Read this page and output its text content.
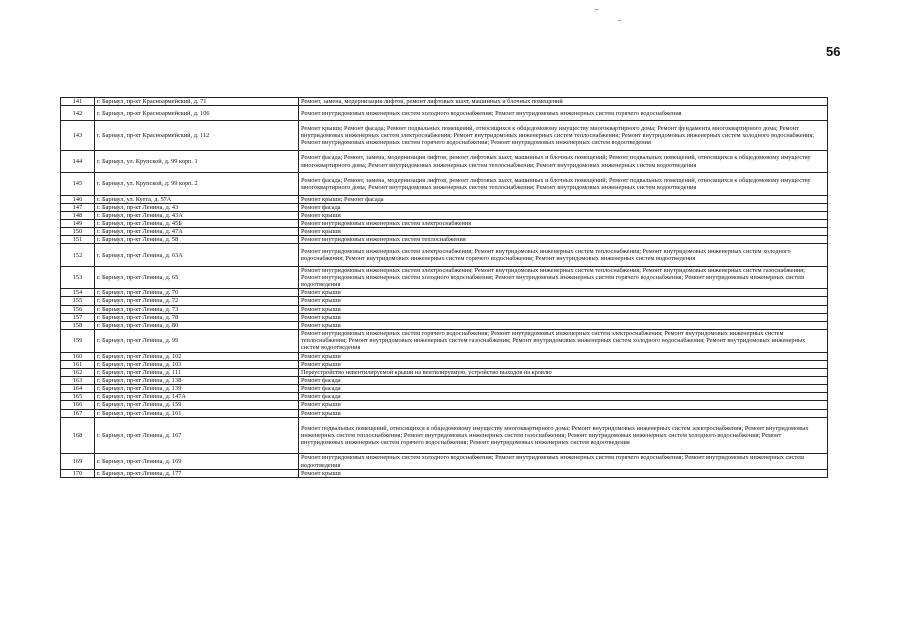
56
141	г. Барнаул, пр-кт Красноармейский, д. 71	Ремонт, замена, модернизация лифтов, ремонт лифтовых шахт, машинных и блочных помещений
142	г. Барнаул, пр-кт Красноармейский, д. 106	Ремонт внутридомовых инженерных систем холодного водоснабжения; Ремонт внутридомовых инженерных систем горячего водоснабжения
143	г. Барнаул, пр-кт Красноармейский, д. 112	Ремонт крыши; Ремонт фасада; Ремонт подвальных помещений, относящихся к общедомовому имуществу многоквартирного дома; Ремонт фундамента многоквартирного дома; Ремонт внутридомовых инженерных систем электроснабжения; Ремонт внутридомовых инженерных систем теплоснабжения; Ремонт внутридомовых инженерных систем холодного водоснабжения; Ремонт внутридомовых инженерных систем горячего водоснабжения; Ремонт внутридомовых инженерных систем водоотведения
144	г. Барнаул, ул. Крупской, д. 99 корп. 1	Ремонт фасада; Ремонт, замена, модернизация лифтов, ремонт лифтовых шахт, машинных и блочных помещений; Ремонт подвальных помещений, относящихся к общедомовому имуществу многоквартирного дома; Ремонт внутридомовых инженерных систем теплоснабжения; Ремонт внутридомовых инженерных систем водоотведения
145	г. Барнаул, ул. Крупской, д. 99 корп. 2	Ремонт фасада; Ремонт, замена, модернизация лифтов, ремонт лифтовых шахт, машинных и блочных помещений; Ремонт подвальных помещений, относящихся к общедомовому имуществу многоквартирного дома; Ремонт внутридомовых инженерных систем теплоснабжения; Ремонт внутридомовых инженерных систем водоотведения
146	г. Барнаул, ул. Куета, д. 57А	Ремонт крыши; Ремонт фасада
147	г. Барнаул, пр-кт Ленина, д. 43	Ремонт фасада
148	г. Барнаул, пр-кт Ленина, д. 43А	Ремонт крыши
149	г. Барнаул, пр-кт Ленина, д. 45Б	Ремонт внутридомовых инженерных систем электроснабжения
150	г. Барнаул, пр-кт Ленина, д. 47А	Ремонт крыши
151	г. Барнаул, пр-кт Ленина, д. 58	Ремонт внутридомовых инженерных систем теплоснабжения
152	г. Барнаул, пр-кт Ленина, д. 63А	Ремонт внутридомовых инженерных систем электроснабжения; Ремонт внутридомовых инженерных систем теплоснабжения; Ремонт внутридомовых инженерных систем холодного водоснабжения; Ремонт внутридомовых инженерных систем горячего водоснабжения; Ремонт внутридомовых инженерных систем водоотведения
153	г. Барнаул, пр-кт Ленина, д. 65	Ремонт внутридомовых инженерных систем электроснабжения; Ремонт внутридомовых инженерных систем теплоснабжения; Ремонт внутридомовых инженерных систем газоснабжения; Ремонт внутридомовых инженерных систем холодного водоснабжения; Ремонт внутридомовых инженерных систем горячего водоснабжения; Ремонт внутридомовых инженерных систем водоотведения
154	г. Барнаул, пр-кт Ленина, д. 70	Ремонт крыши
155	г. Барнаул, пр-кт Ленина, д. 72	Ремонт крыши
156	г. Барнаул, пр-кт Ленина, д. 73	Ремонт крыши
157	г. Барнаул, пр-кт Ленина, д. 78	Ремонт крыши
158	г. Барнаул, пр-кт Ленина, д. 80	Ремонт крыши
159	г. Барнаул, пр-кт Ленина, д. 99	Ремонт внутридомовых инженерных систем горячего водоснабжения; Ремонт внутридомовых инженерных систем электроснабжения; Ремонт внутридомовых инженерных систем теплоснабжения; Ремонт внутридомовых инженерных систем газоснабжения; Ремонт внутридомовых инженерных систем холодного водоснабжения; Ремонт внутридомовых инженерных систем водоотведения
160	г. Барнаул, пр-кт Ленина, д. 102	Ремонт крыши
161	г. Барнаул, пр-кт Ленина, д. 103	Ремонт крыши
162	г. Барнаул, пр-кт Ленина, д. 111	Переустройство невентилируемой крыши на вентилируемую, устройство выходов на кровлю
163	г. Барнаул, пр-кт Ленина, д. 138	Ремонт фасада
164	г. Барнаул, пр-кт Ленина, д. 139	Ремонт фасада
165	г. Барнаул, пр-кт Ленина, д. 147А	Ремонт фасада
166	г. Барнаул, пр-кт Ленина, д. 159	Ремонт крыши
167	г. Барнаул, пр-кт Ленина, д. 161	Ремонт крыши
168	г. Барнаул, пр-кт Ленина, д. 167	Ремонт подвальных помещений, относящихся к общедомовому имуществу многоквартирного дома; Ремонт внутридомовых инженерных систем электроснабжения; Ремонт внутридомовых инженерных систем теплоснабжения; Ремонт внутридомовых инженерных систем газоснабжения; Ремонт внутридомовых инженерных систем холодного водоснабжения; Ремонт внутридомовых инженерных систем горячего водоснабжения; Ремонт внутридомовых инженерных систем водоотведения
169	г. Барнаул, пр-кт Ленина, д. 169	Ремонт внутридомовых инженерных систем холодного водоснабжения; Ремонт внутридомовых инженерных систем горячего водоснабжения; Ремонт внутридомовых инженерных систем водоотведения
170	г. Барнаул, пр-кт Ленина, д. 177	Ремонт крыши
